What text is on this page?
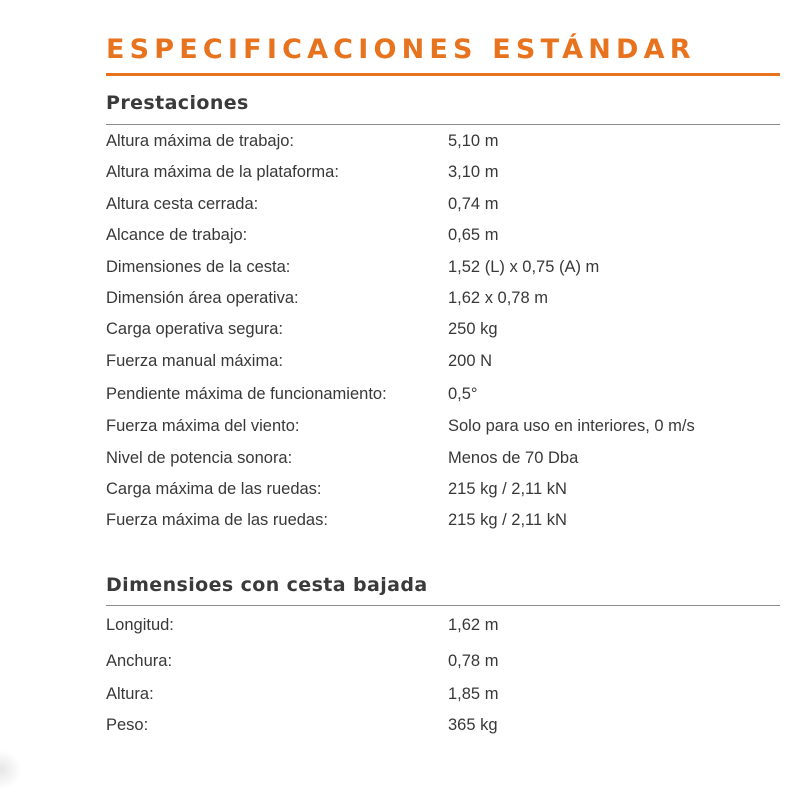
ESPECIFICACIONES ESTÁNDAR
Prestaciones
Altura máxima de trabajo:	5,10 m
Altura máxima de la plataforma:	3,10 m
Altura cesta cerrada:	0,74 m
Alcance de trabajo:	0,65 m
Dimensiones de la cesta:	1,52 (L) x 0,75 (A) m
Dimensión área operativa:	1,62 x 0,78 m
Carga operativa segura:	250 kg
Fuerza manual máxima:	200 N
Pendiente máxima de funcionamiento:	0,5°
Fuerza máxima del viento:	Solo para uso en interiores, 0 m/s
Nivel de potencia sonora:	Menos de 70 Dba
Carga máxima de las ruedas:	215 kg / 2,11 kN
Fuerza máxima de las ruedas:	215 kg / 2,11 kN
Dimensioes con cesta bajada
Longitud:	1,62 m
Anchura:	0,78 m
Altura:	1,85 m
Peso:	365 kg
